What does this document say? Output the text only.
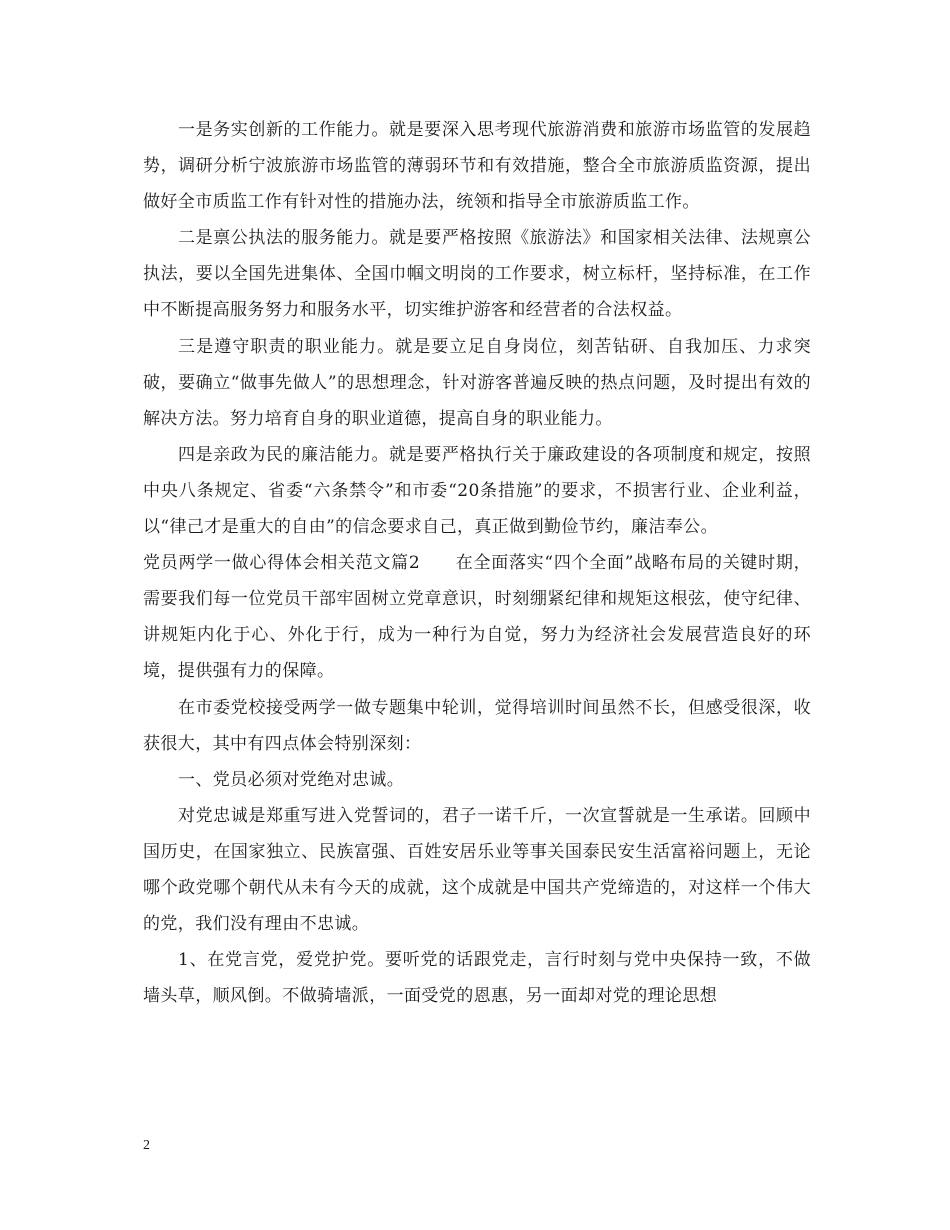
一是务实创新的工作能力。就是要深入思考现代旅游消费和旅游市场监管的发展趋势，调研分析宁波旅游市场监管的薄弱环节和有效措施，整合全市旅游质监资源，提出做好全市质监工作有针对性的措施办法，统领和指导全市旅游质监工作。

二是禀公执法的服务能力。就是要严格按照《旅游法》和国家相关法律、法规禀公执法，要以全国先进集体、全国巾帼文明岗的工作要求，树立标杆，坚持标准，在工作中不断提高服务努力和服务水平，切实维护游客和经营者的合法权益。

三是遵守职责的职业能力。就是要立足自身岗位，刻苦钻研、自我加压、力求突破，要确立“做事先做人”的思想理念，针对游客普遍反映的热点问题，及时提出有效的解决方法。努力培育自身的职业道德，提高自身的职业能力。

四是亲政为民的廉洁能力。就是要严格执行关于廉政建设的各项制度和规定，按照中央八条规定、省委“六条禁令”和市委“20条措施”的要求，不损害行业、企业利益，以“律己才是重大的自由”的信念要求自己，真正做到勤俭节约，廉洁奉公。

党员两学一做心得体会相关范文篇2　　在全面落实“四个全面”战略布局的关键时期，需要我们每一位党员干部牢固树立党章意识，时刻绷紧纪律和规矩这根弦，使守纪律、讲规矩内化于心、外化于行，成为一种行为自觉，努力为经济社会发展营造良好的环境，提供强有力的保障。

在市委党校接受两学一做专题集中轮训，觉得培训时间虽然不长，但感受很深，收获很大，其中有四点体会特别深刻：

一、党员必须对党绝对忠诚。

对党忠诚是郑重写进入党誓词的，君子一诺千斤，一次宣誓就是一生承诺。回顾中国历史，在国家独立、民族富强、百姓安居乐业等事关国泰民安生活富裕问题上，无论哪个政党哪个朝代从未有今天的成就，这个成就是中国共产党缔造的，对这样一个伟大的党，我们没有理由不忠诚。

1、在党言党，爱党护党。要听党的话跟党走，言行时刻与党中央保持一致，不做墙头草，顺风倒。不做骑墙派，一面受党的恩惠，另一面却对党的理论思想

2
